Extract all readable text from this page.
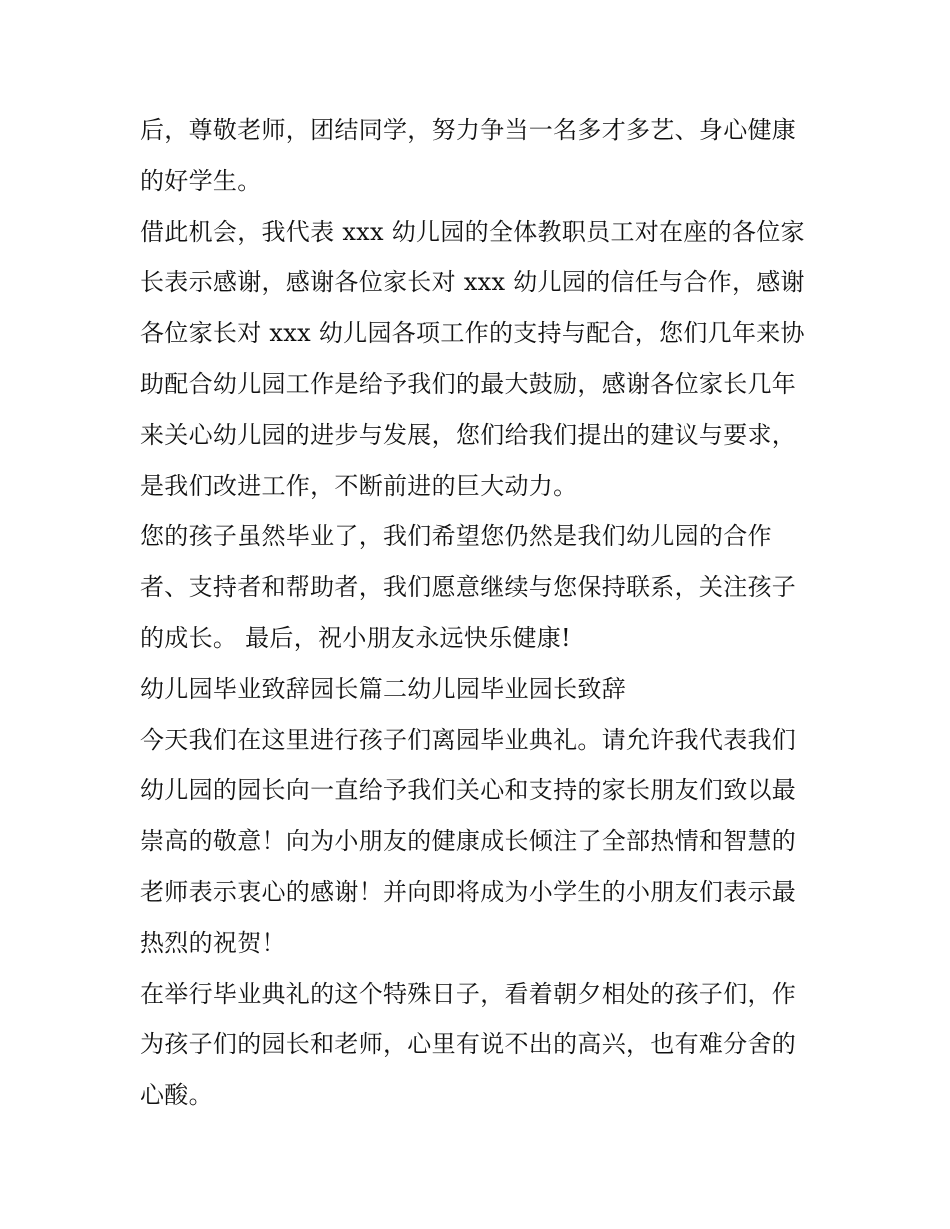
后，尊敬老师，团结同学，努力争当一名多才多艺、身心健康
的好学生。
借此机会，我代表 xxx 幼儿园的全体教职员工对在座的各位家
长表示感谢，感谢各位家长对 xxx 幼儿园的信任与合作，感谢
各位家长对 xxx 幼儿园各项工作的支持与配合，您们几年来协
助配合幼儿园工作是给予我们的最大鼓励，感谢各位家长几年
来关心幼儿园的进步与发展，您们给我们提出的建议与要求，
是我们改进工作，不断前进的巨大动力。
您的孩子虽然毕业了，我们希望您仍然是我们幼儿园的合作
者、支持者和帮助者，我们愿意继续与您保持联系，关注孩子
的成长。 最后，祝小朋友永远快乐健康!
幼儿园毕业致辞园长篇二幼儿园毕业园长致辞
今天我们在这里进行孩子们离园毕业典礼。请允许我代表我们
幼儿园的园长向一直给予我们关心和支持的家长朋友们致以最
崇高的敬意！向为小朋友的健康成长倾注了全部热情和智慧的
老师表示衷心的感谢！并向即将成为小学生的小朋友们表示最
热烈的祝贺！
在举行毕业典礼的这个特殊日子，看着朝夕相处的孩子们，作
为孩子们的园长和老师，心里有说不出的高兴，也有难分舍的
心酸。
